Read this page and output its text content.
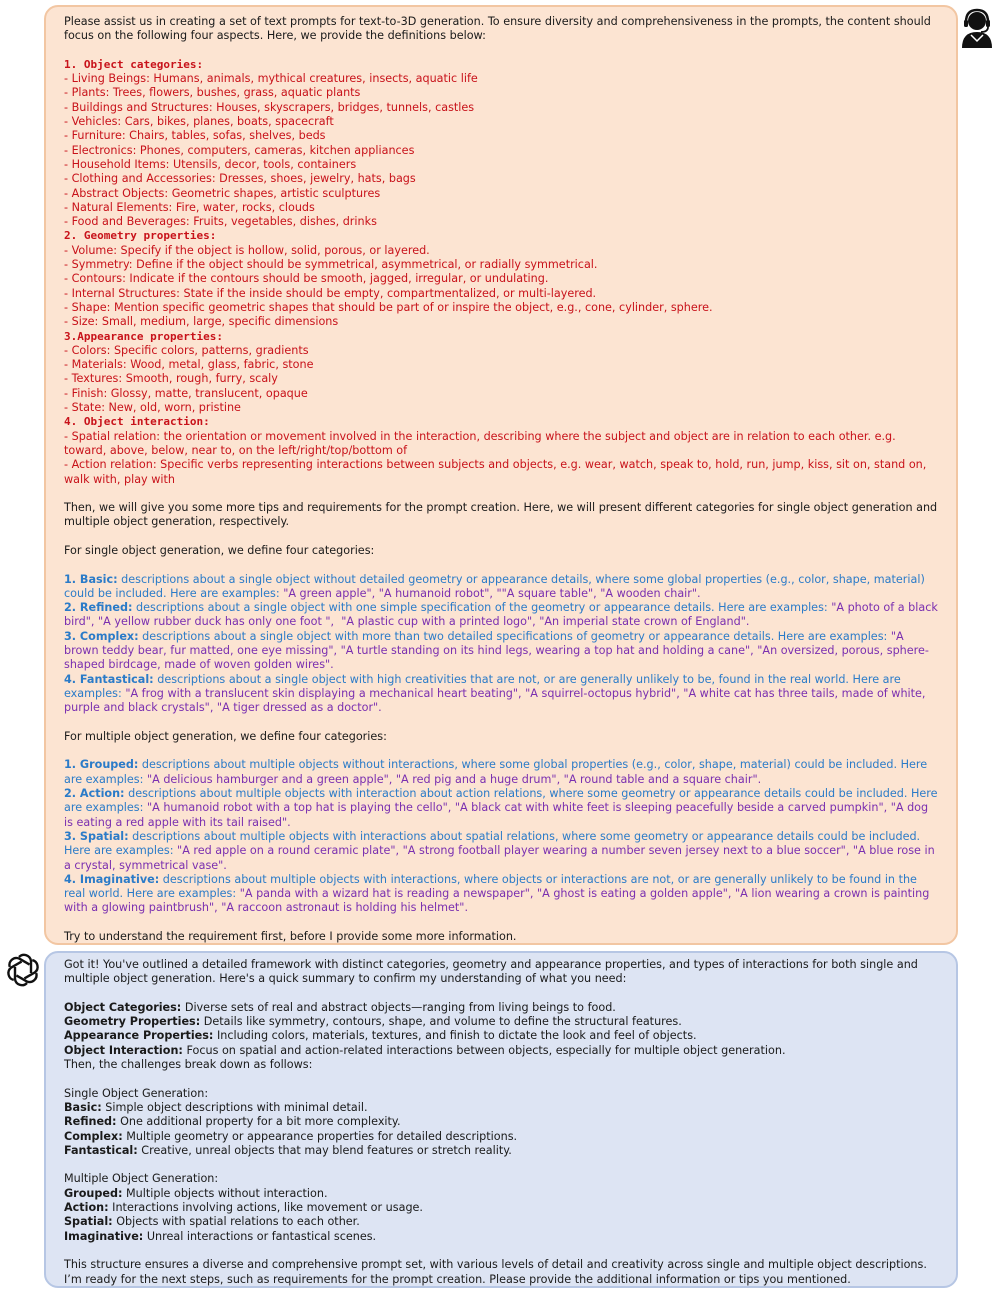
Please assist us in creating a set of text prompts for text-to-3D generation. To ensure diversity and comprehensiveness in the prompts, the content should focus on the following four aspects. Here, we provide the definitions below:

1. Object categories:

- Living Beings: Humans, animals, mythical creatures, insects, aquatic life

- Plants: Trees, flowers, bushes, grass, aquatic plants

- Buildings and Structures: Houses, skyscrapers, bridges, tunnels, castles

- Vehicles: Cars, bikes, planes, boats, spacecraft

- Furniture: Chairs, tables, sofas, shelves, beds

- Electronics: Phones, computers, cameras, kitchen appliances

- Household Items: Utensils, decor, tools, containers

- Clothing and Accessories: Dresses, shoes, jewelry, hats, bags

- Abstract Objects: Geometric shapes, artistic sculptures

- Natural Elements: Fire, water, rocks, clouds

- Food and Beverages: Fruits, vegetables, dishes, drinks

2. Geometry properties:

- Volume: Specify if the object is hollow, solid, porous, or layered.

- Symmetry: Define if the object should be symmetrical, asymmetrical, or radially symmetrical.

- Contours: Indicate if the contours should be smooth, jagged, irregular, or undulating.

- Internal Structures: State if the inside should be empty, compartmentalized, or multi-layered.

- Shape: Mention specific geometric shapes that should be part of or inspire the object, e.g., cone, cylinder, sphere.

- Size: Small, medium, large, specific dimensions

3.Appearance properties:

- Colors: Specific colors, patterns, gradients

- Materials: Wood, metal, glass, fabric, stone

- Textures: Smooth, rough, furry, scaly

- Finish: Glossy, matte, translucent, opaque

- State: New, old, worn, pristine

4. Object interaction:

- Spatial relation: the orientation or movement involved in the interaction, describing where the subject and object are in relation to each other. e.g. toward, above, below, near to, on the left/right/top/bottom of

- Action relation: Specific verbs representing interactions between subjects and objects, e.g. wear, watch, speak to, hold, run, jump, kiss, sit on, stand on, walk with, play with

Then, we will give you some more tips and requirements for the prompt creation. Here, we will present different categories for single object generation and multiple object generation, respectively.

For single object generation, we define four categories:

1. Basic: descriptions about a single object without detailed geometry or appearance details, where some global properties (e.g., color, shape, material) could be included. Here are examples: "A green apple", "A humanoid robot", ""A square table", "A wooden chair".

2. Refined: descriptions about a single object with one simple specification of the geometry or appearance details. Here are examples: "A photo of a black bird", "A yellow rubber duck has only one foot ",  "A plastic cup with a printed logo", "An imperial state crown of England".

3. Complex: descriptions about a single object with more than two detailed specifications of geometry or appearance details. Here are examples: "A brown teddy bear, fur matted, one eye missing", "A turtle standing on its hind legs, wearing a top hat and holding a cane", "An oversized, porous, sphere-shaped birdcage, made of woven golden wires".

4. Fantastical: descriptions about a single object with high creativities that are not, or are generally unlikely to be, found in the real world. Here are examples: "A frog with a translucent skin displaying a mechanical heart beating", "A squirrel-octopus hybrid", "A white cat has three tails, made of white, purple and black crystals", "A tiger dressed as a doctor".

For multiple object generation, we define four categories:

1. Grouped: descriptions about multiple objects without interactions, where some global properties (e.g., color, shape, material) could be included. Here are examples: "A delicious hamburger and a green apple", "A red pig and a huge drum", "A round table and a square chair".

2. Action: descriptions about multiple objects with interaction about action relations, where some geometry or appearance details could be included. Here are examples: "A humanoid robot with a top hat is playing the cello", "A black cat with white feet is sleeping peacefully beside a carved pumpkin", "A dog is eating a red apple with its tail raised".

3. Spatial: descriptions about multiple objects with interactions about spatial relations, where some geometry or appearance details could be included. Here are examples: "A red apple on a round ceramic plate", "A strong football player wearing a number seven jersey next to a blue soccer", "A blue rose in a crystal, symmetrical vase".

4. Imaginative: descriptions about multiple objects with interactions, where objects or interactions are not, or are generally unlikely to be found in the real world. Here are examples: "A panda with a wizard hat is reading a newspaper", "A ghost is eating a golden apple", "A lion wearing a crown is painting with a glowing paintbrush", "A raccoon astronaut is holding his helmet".

Try to understand the requirement first, before I provide some more information.

Got it! You've outlined a detailed framework with distinct categories, geometry and appearance properties, and types of interactions for both single and multiple object generation. Here's a quick summary to confirm my understanding of what you need:

Object Categories: Diverse sets of real and abstract objects—ranging from living beings to food.

Geometry Properties: Details like symmetry, contours, shape, and volume to define the structural features.

Appearance Properties: Including colors, materials, textures, and finish to dictate the look and feel of objects.

Object Interaction: Focus on spatial and action-related interactions between objects, especially for multiple object generation.

Then, the challenges break down as follows:

Single Object Generation:

Basic: Simple object descriptions with minimal detail.

Refined: One additional property for a bit more complexity.

Complex: Multiple geometry or appearance properties for detailed descriptions.

Fantastical: Creative, unreal objects that may blend features or stretch reality.

Multiple Object Generation:

Grouped: Multiple objects without interaction.

Action: Interactions involving actions, like movement or usage.

Spatial: Objects with spatial relations to each other.

Imaginative: Unreal interactions or fantastical scenes.

This structure ensures a diverse and comprehensive prompt set, with various levels of detail and creativity across single and multiple object descriptions. I’m ready for the next steps, such as requirements for the prompt creation. Please provide the additional information or tips you mentioned.
